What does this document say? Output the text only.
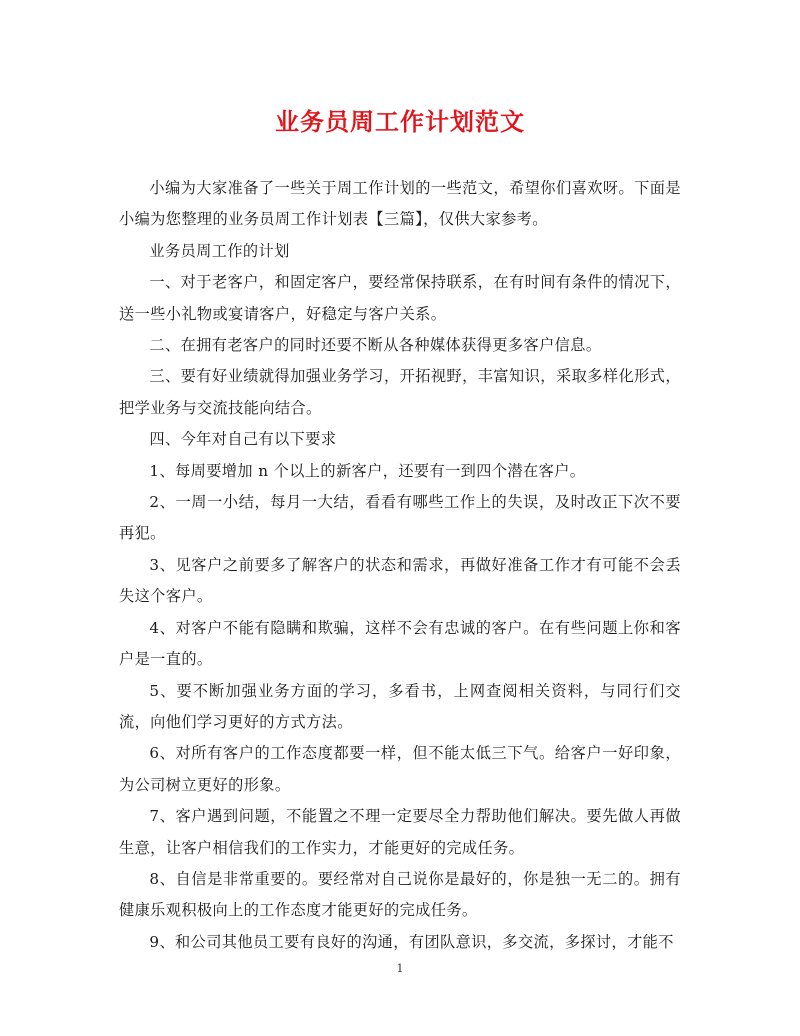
业务员周工作计划范文

小编为大家准备了一些关于周工作计划的一些范文，希望你们喜欢呀。下面是小编为您整理的业务员周工作计划表【三篇】，仅供大家参考。

业务员周工作的计划

一、对于老客户，和固定客户，要经常保持联系，在有时间有条件的情况下，送一些小礼物或宴请客户，好稳定与客户关系。

二、在拥有老客户的同时还要不断从各种媒体获得更多客户信息。

三、要有好业绩就得加强业务学习，开拓视野，丰富知识，采取多样化形式，把学业务与交流技能向结合。

四、今年对自己有以下要求

1、每周要增加 n 个以上的新客户，还要有一到四个潜在客户。

2、一周一小结，每月一大结，看看有哪些工作上的失误，及时改正下次不要再犯。

3、见客户之前要多了解客户的状态和需求，再做好准备工作才有可能不会丢失这个客户。

4、对客户不能有隐瞒和欺骗，这样不会有忠诚的客户。在有些问题上你和客户是一直的。

5、要不断加强业务方面的学习，多看书，上网查阅相关资料，与同行们交流，向他们学习更好的方式方法。

6、对所有客户的工作态度都要一样，但不能太低三下气。给客户一好印象，为公司树立更好的形象。

7、客户遇到问题，不能置之不理一定要尽全力帮助他们解决。要先做人再做生意，让客户相信我们的工作实力，才能更好的完成任务。

8、自信是非常重要的。要经常对自己说你是最好的，你是独一无二的。拥有健康乐观积极向上的工作态度才能更好的完成任务。

9、和公司其他员工要有良好的沟通，有团队意识，多交流，多探讨，才能不

1
